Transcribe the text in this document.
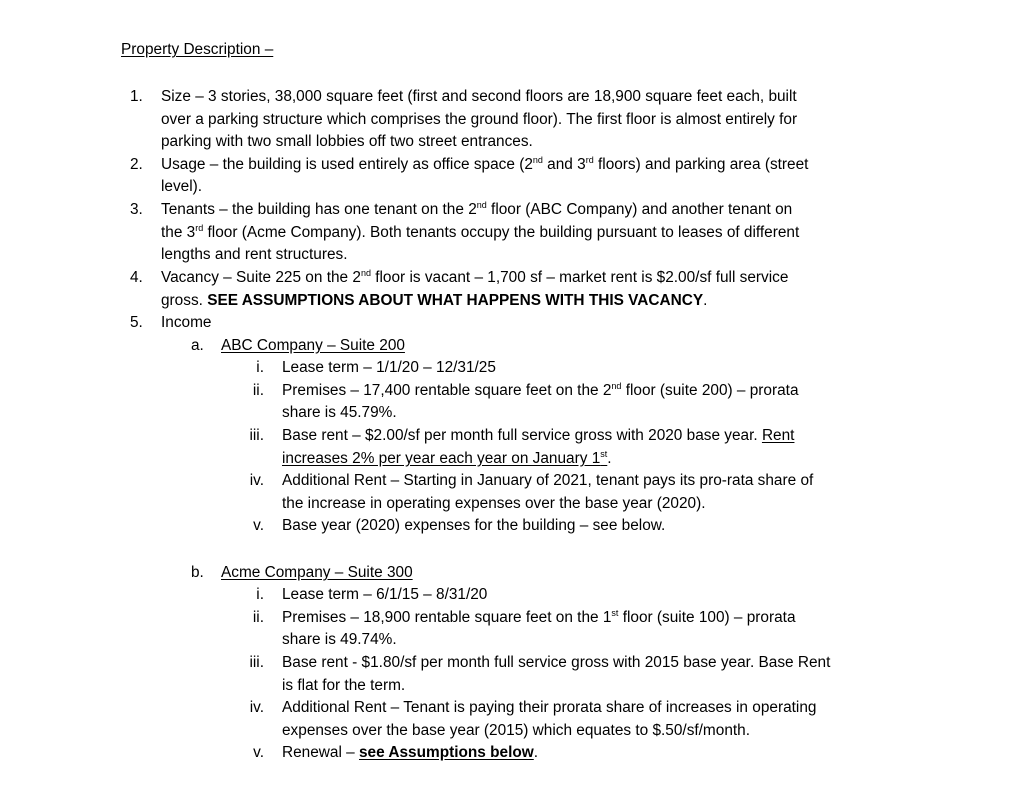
Property Description –
1. Size – 3 stories, 38,000 square feet (first and second floors are 18,900 square feet each, built
over a parking structure which comprises the ground floor). The first floor is almost entirely for
parking with two small lobbies off two street entrances.
2. Usage – the building is used entirely as office space (2nd and 3rd floors) and parking area (street
level).
3. Tenants – the building has one tenant on the 2nd floor (ABC Company) and another tenant on
the 3rd floor (Acme Company). Both tenants occupy the building pursuant to leases of different
lengths and rent structures.
4. Vacancy – Suite 225 on the 2nd floor is vacant – 1,700 sf – market rent is $2.00/sf full service
gross. SEE ASSUMPTIONS ABOUT WHAT HAPPENS WITH THIS VACANCY.
5. Income
a. ABC Company – Suite 200
i. Lease term – 1/1/20 – 12/31/25
ii. Premises – 17,400 rentable square feet on the 2nd floor (suite 200) – prorata
share is 45.79%.
iii. Base rent – $2.00/sf per month full service gross with 2020 base year. Rent
increases 2% per year each year on January 1st.
iv. Additional Rent – Starting in January of 2021, tenant pays its pro-rata share of
the increase in operating expenses over the base year (2020).
v. Base year (2020) expenses for the building – see below.
b. Acme Company – Suite 300
i. Lease term – 6/1/15 – 8/31/20
ii. Premises – 18,900 rentable square feet on the 1st floor (suite 100) – prorata
share is 49.74%.
iii. Base rent - $1.80/sf per month full service gross with 2015 base year. Base Rent
is flat for the term.
iv. Additional Rent – Tenant is paying their prorata share of increases in operating
expenses over the base year (2015) which equates to $.50/sf/month.
v. Renewal – see Assumptions below.
